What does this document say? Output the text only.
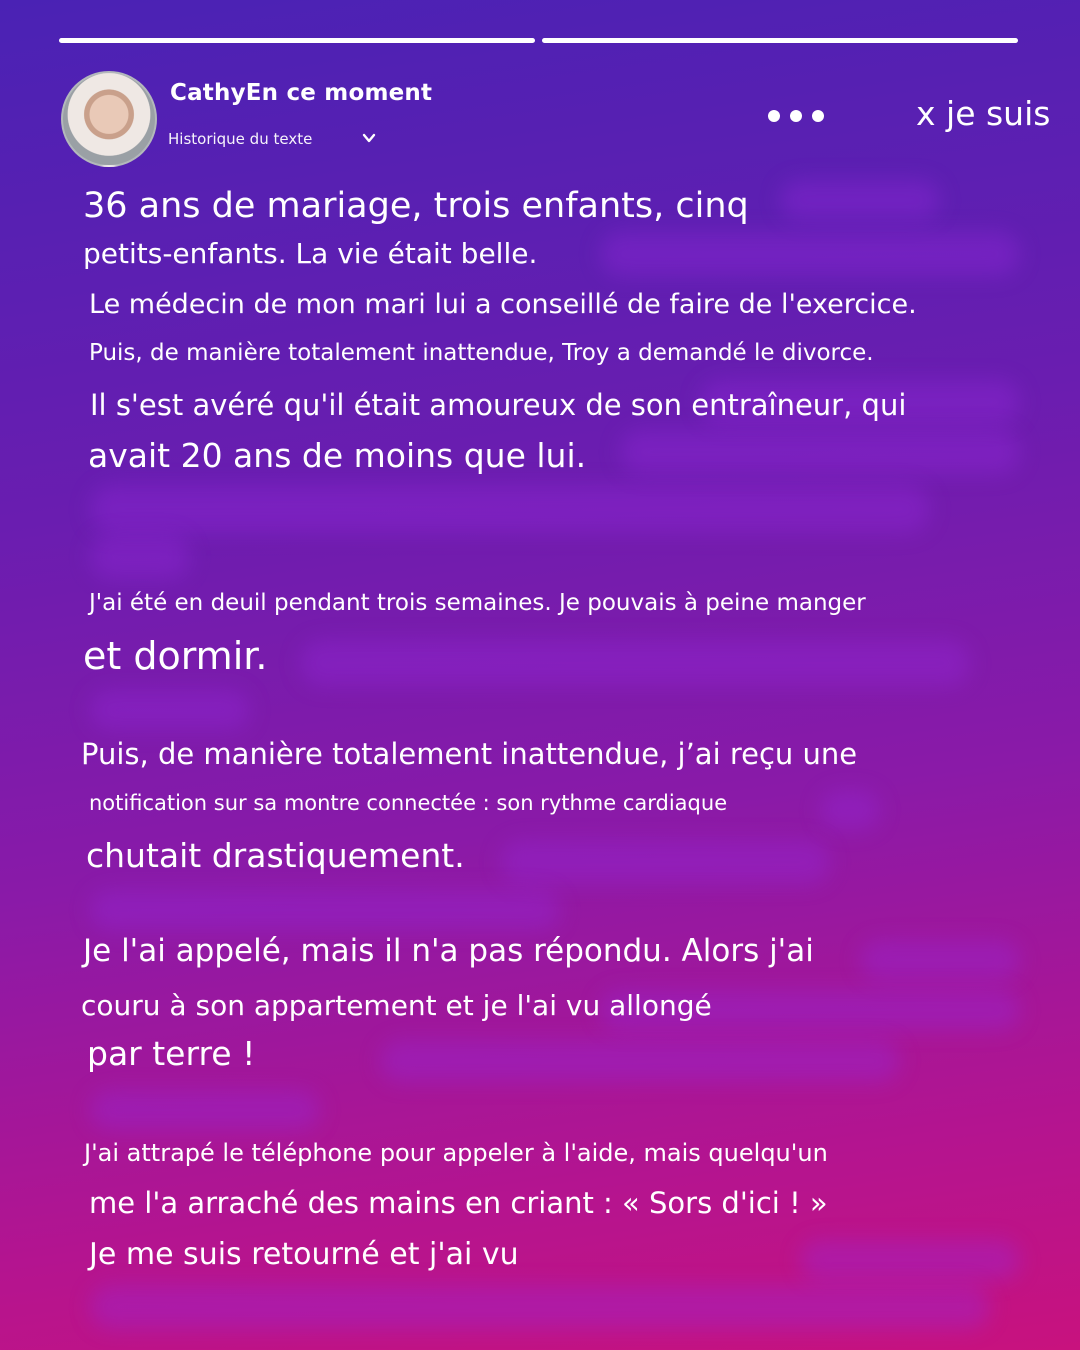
CathyEn ce moment
Historique du texte
x je suis
36 ans de mariage, trois enfants, cinq
petits-enfants. La vie était belle.
Le médecin de mon mari lui a conseillé de faire de l'exercice.
Puis, de manière totalement inattendue, Troy a demandé le divorce.
Il s'est avéré qu'il était amoureux de son entraîneur, qui
avait 20 ans de moins que lui.
J'ai été en deuil pendant trois semaines. Je pouvais à peine manger
et dormir.
Puis, de manière totalement inattendue, j’ai reçu une
notification sur sa montre connectée : son rythme cardiaque
chutait drastiquement.
Je l'ai appelé, mais il n'a pas répondu. Alors j'ai
couru à son appartement et je l'ai vu allongé
par terre !
J'ai attrapé le téléphone pour appeler à l'aide, mais quelqu'un
me l'a arraché des mains en criant : « Sors d'ici ! »
Je me suis retourné et j'ai vu
